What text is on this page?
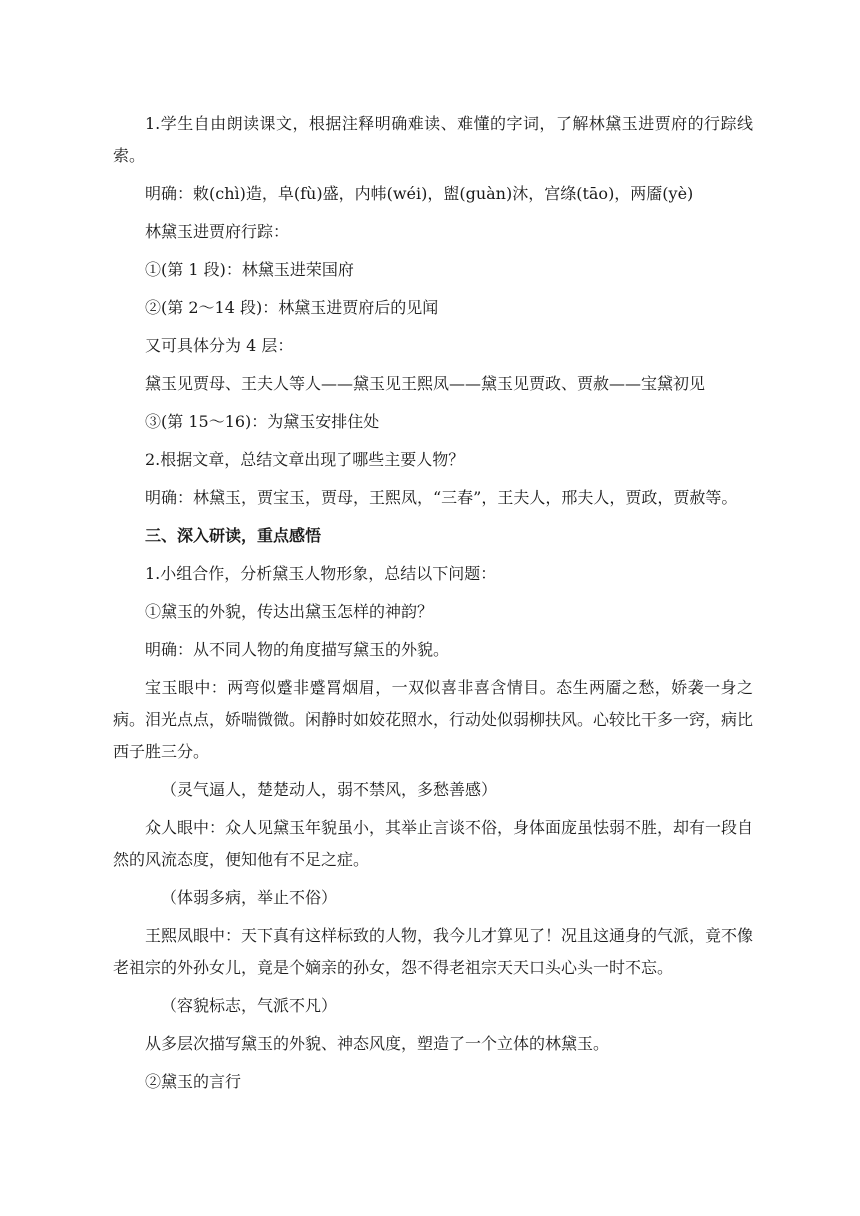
1.学生自由朗读课文，根据注释明确难读、难懂的字词，了解林黛玉进贾府的行踪线索。

明确：敕(chì)造，阜(fù)盛，内帏(wéi)，盥(guàn)沐，宫绦(tāo)，两靥(yè)

林黛玉进贾府行踪：

①(第 1 段)：林黛玉进荣国府

②(第 2～14 段)：林黛玉进贾府后的见闻

又可具体分为 4 层：

黛玉见贾母、王夫人等人——黛玉见王熙凤——黛玉见贾政、贾赦——宝黛初见

③(第 15～16)：为黛玉安排住处

2.根据文章，总结文章出现了哪些主要人物？

明确：林黛玉，贾宝玉，贾母，王熙凤，“三春”，王夫人，邢夫人，贾政，贾赦等。

三、深入研读，重点感悟

1.小组合作，分析黛玉人物形象，总结以下问题：

①黛玉的外貌，传达出黛玉怎样的神韵？

明确：从不同人物的角度描写黛玉的外貌。

宝玉眼中：两弯似蹙非蹙罥烟眉，一双似喜非喜含情目。态生两靥之愁，娇袭一身之病。泪光点点，娇喘微微。闲静时如姣花照水，行动处似弱柳扶风。心较比干多一窍，病比西子胜三分。

（灵气逼人，楚楚动人，弱不禁风，多愁善感）

众人眼中：众人见黛玉年貌虽小，其举止言谈不俗，身体面庞虽怯弱不胜，却有一段自然的风流态度，便知他有不足之症。

（体弱多病，举止不俗）

王熙凤眼中：天下真有这样标致的人物，我今儿才算见了！况且这通身的气派，竟不像老祖宗的外孙女儿，竟是个嫡亲的孙女，怨不得老祖宗天天口头心头一时不忘。

（容貌标志，气派不凡）

从多层次描写黛玉的外貌、神态风度，塑造了一个立体的林黛玉。

②黛玉的言行
